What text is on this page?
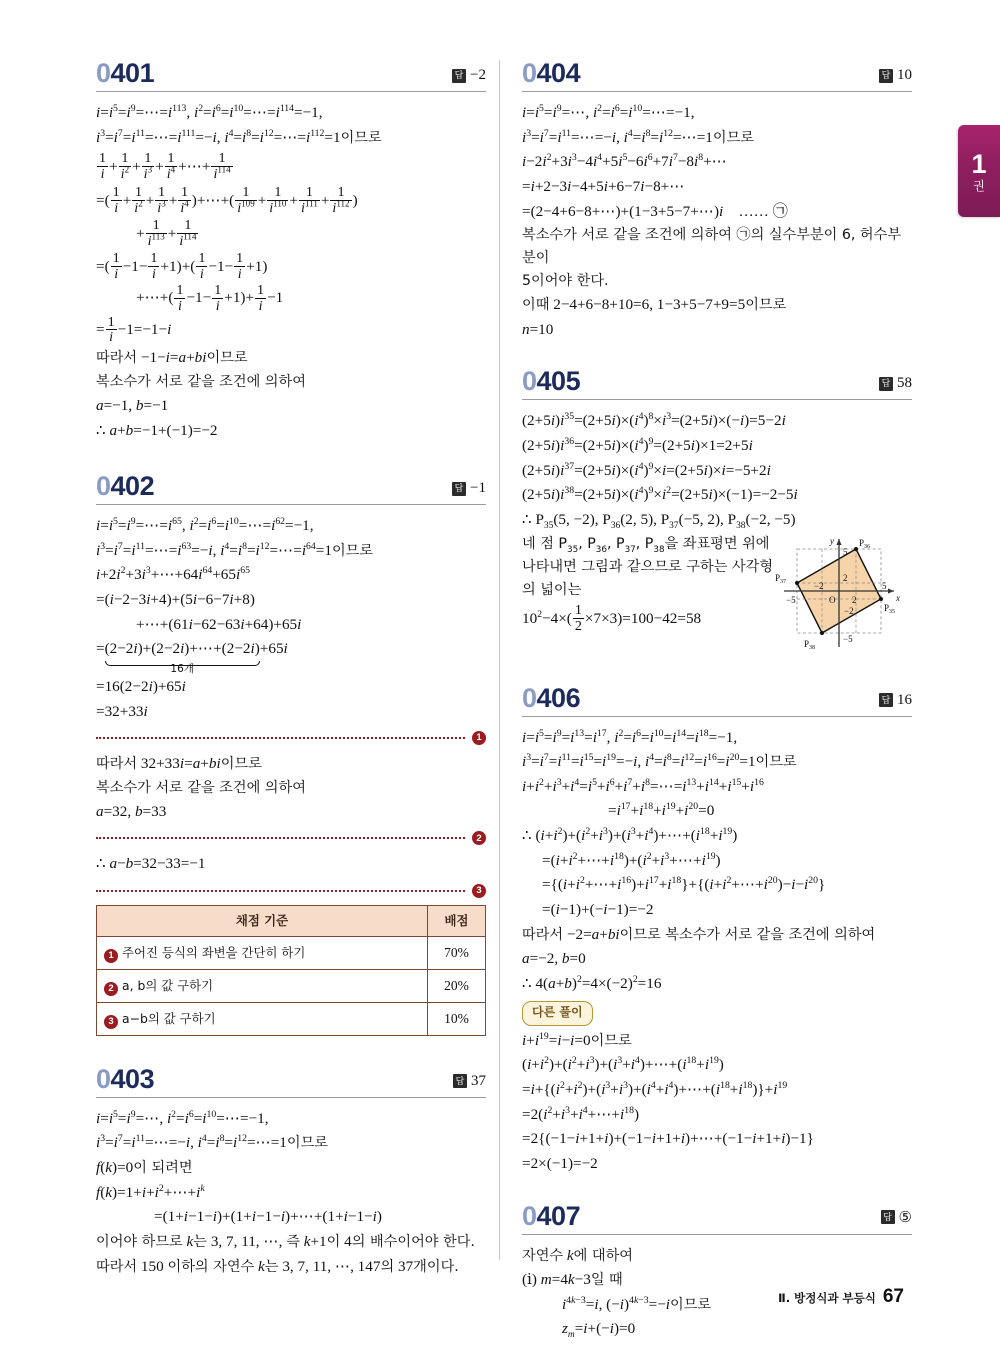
1
권
0401	답 −2
$i=i^5=i^9=\cdots=i^{113}$, $i^2=i^6=i^{10}=\cdots=i^{114}=-1$,
$i^3=i^7=i^{11}=\cdots=i^{111}=-i$, $i^4=i^8=i^{12}=\cdots=i^{112}=1$이므로
$\frac{1}{i} + \frac{1}{i^2} + \frac{1}{i^3} + \frac{1}{i^4}$ +⋯+ $\frac{1}{i^{114}}$
=( $\frac{1}{i} + \frac{1}{i^2} + \frac{1}{i^3} + \frac{1}{i^4}$ )+⋯+( $\frac{1}{i^{109}} + \frac{1}{i^{110}} + \frac{1}{i^{111}} + \frac{1}{i^{112}}$ )
+ $\frac{1}{i^{113}} + \frac{1}{i^{114}}$
=( $\frac{1}{i} -1- \frac{1}{i} +1)+( \frac{1}{i} -1- \frac{1}{i} +1)$
+⋯+( $\frac{1}{i} -1- \frac{1}{i} +1)+ \frac{1}{i} -1$
= $\frac{1}{i} -1=-1-i$
따라서 −1−i=a+bi이므로
복소수가 서로 같을 조건에 의하여
a=−1, b=−1
∴ a+b=−1+(−1)=−2
0402	답 −1
$i=i^5=i^9=\cdots=i^{65}$, $i^2=i^6=i^{10}=\cdots=i^{62}=-1$,
$i^3=i^7=i^{11}=\cdots=i^{63}=-i$, $i^4=i^8=i^{12}=\cdots=i^{64}=1$이므로
$i+2i^2+3i^3+\cdots+64i^{64}+65i^{65}$
=(i−2−3i+4)+(5i−6−7i+8)
+⋯+(61i−62−63i+64)+65i
=(2−2i)+(2−2i)+⋯+(2−2i)
16개
+65i
=16(2−2i)+65i
=32+33i
1
따라서 32+33i=a+bi이므로
복소수가 서로 같을 조건에 의하여
a=32, b=33
2
∴ a−b=32−33=−1
3
채점 기준	배점
1 주어진 등식의 좌변을 간단히 하기	70%
2 a, b의 값 구하기	20%
3 a−b의 값 구하기	10%
0403	답 37
$i=i^5=i^9=\cdots$, $i^2=i^6=i^{10}=\cdots=-1$,
$i^3=i^7=i^{11}=\cdots=-i$, $i^4=i^8=i^{12}=\cdots=1$이므로
f(k)=0이 되려면
$f(k)=1+i+i^2+\cdots+i^k$
=(1+i−1−i)+(1+i−1−i)+⋯+(1+i−1−i)
이어야 하므로 k는 3, 7, 11, ⋯, 즉 k+1이 4의 배수이어야 한다.
따라서 150 이하의 자연수 k는 3, 7, 11, ⋯, 147의 37개이다.
0404	답 10
$i=i^5=i^9=\cdots$, $i^2=i^6=i^{10}=\cdots=-1$,
$i^3=i^7=i^{11}=\cdots=-i$, $i^4=i^8=i^{12}=\cdots=1$이므로
$i-2i^2+3i^3-4i^4+5i^5-6i^6+7i^7-8i^8+\cdots$
=i+2−3i−4+5i+6−7i−8+⋯
=(2−4+6−8+⋯)+(1−3+5−7+⋯)i …… ㉠
복소수가 서로 같을 조건에 의하여 ㉠의 실수부분이 6, 허수부분이
5이어야 한다.
이때 2−4+6−8+10=6, 1−3+5−7+9=5이므로
n=10
0405	답 58
$(2+5i)i^{35}=(2+5i)\times(i^4)^8\times i^3=(2+5i)\times(-i)=5-2i$
$(2+5i)i^{36}=(2+5i)\times(i^4)^9=(2+5i)\times 1=2+5i$
$(2+5i)i^{37}=(2+5i)\times(i^4)^9\times i=(2+5i)\times i=-5+2i$
$(2+5i)i^{38}=(2+5i)\times(i^4)^9\times i^2=(2+5i)\times(-1)=-2-5i$
∴ $P_{35}(5$, −2), $P_{36}(2$, 5), $P_{37}(-5$, 2), $P_{38}(-2$, −5)
y
x
O
5
2
2
5
−2
−5
−2
−5
$P_{36}$
$P_{35}$
$P_{37}$
$P_{38}$
네 점 $P_{35}$, $P_{36}$, $P_{37}$, $P_{38}$을 좌표평면 위에
나타내면 그림과 같으므로 구하는 사각형
의 넓이는
$10^2-4\times( \frac{1}{2} \times 7\times 3)=100-42=58$
0406	답 16
$i=i^5=i^9=i^{13}=i^{17}$, $i^2=i^6=i^{10}=i^{14}=i^{18}=-1$,
$i^3=i^7=i^{11}=i^{15}=i^{19}=-i$, $i^4=i^8=i^{12}=i^{16}=i^{20}=1$이므로
$i+i^2+i^3+i^4=i^5+i^6+i^7+i^8=\cdots=i^{13}+i^{14}+i^{15}+i^{16}$
$=i^{17}+i^{18}+i^{19}+i^{20}=0$
∴ $(i+i^2)+(i^2+i^3)+(i^3+i^4)+\cdots+(i^{18}+i^{19})$
$=(i+i^2+\cdots+i^{18})+(i^2+i^3+\cdots+i^{19})$
$=\{(i+i^2+\cdots+i^{16})+i^{17}+i^{18}\}+\{(i+i^2+\cdots+i^{20})-i-i^{20}\}$
=(i−1)+(−i−1)=−2
따라서 −2=a+bi이므로 복소수가 서로 같을 조건에 의하여
a=−2, b=0
∴ $4(a+b)^2=4\times(-2)^2=16$
다른 풀이
$i+i^{19}=i-i=0$이므로
$(i+i^2)+(i^2+i^3)+(i^3+i^4)+\cdots+(i^{18}+i^{19})$
$=i+\{(i^2+i^2)+(i^3+i^3)+(i^4+i^4)+\cdots+(i^{18}+i^{18})\}+i^{19}$
$=2(i^2+i^3+i^4+\cdots+i^{18})$
=2{(−1−i+1+i)+(−1−i+1+i)+⋯+(−1−i+1+i)−1}
=2×(−1)=−2
0407	답 ⑤
자연수 k에 대하여
(ⅰ) m=4k−3일 때
$i^{4k-3}=i$, $(-i)^{4k-3}=-i$이므로
$z_m=i+(-i)=0$
Ⅱ. 방정식과 부등식 67
